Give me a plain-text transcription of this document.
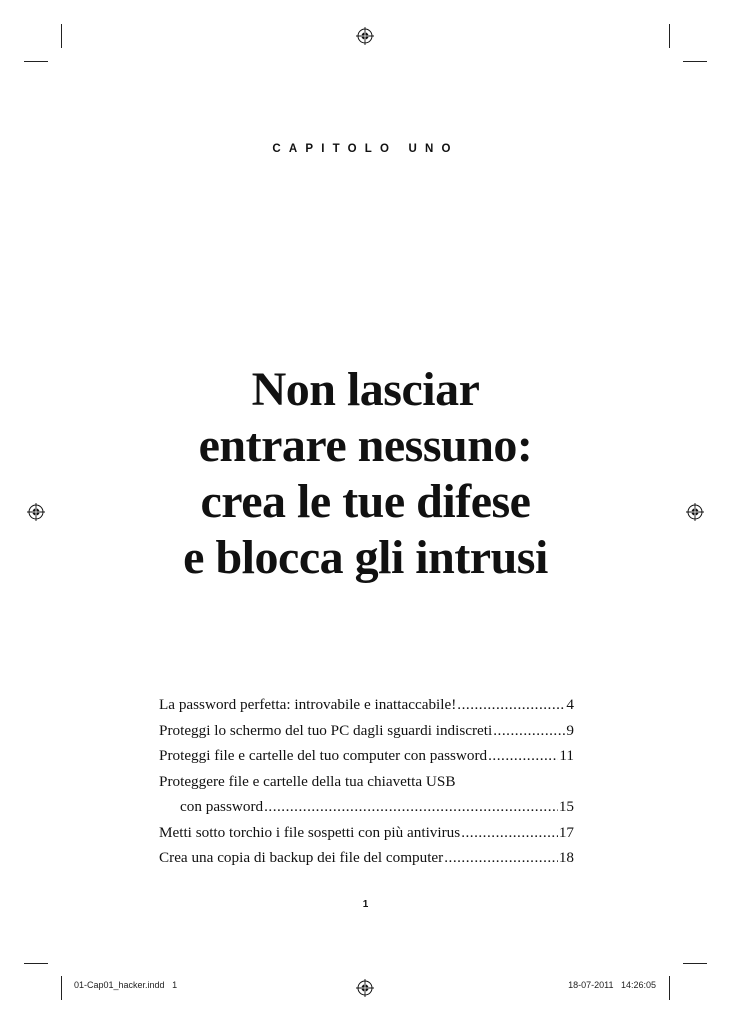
CAPITOLO UNO
Non lasciar
entrare nessuno:
crea le tue difese
e blocca gli intrusi
La password perfetta: introvabile e inattaccabile! .....	4
Proteggi lo schermo del tuo PC dagli sguardi indiscreti .....	9
Proteggi file e cartelle del tuo computer con password .....	11
Proteggere file e cartelle della tua chiavetta USB
con password .....	15
Metti sotto torchio i file sospetti con più antivirus .....	17
Crea una copia di backup dei file del computer .....	18
1
01-Cap01_hacker.indd   1	18-07-2011   14:26:05
